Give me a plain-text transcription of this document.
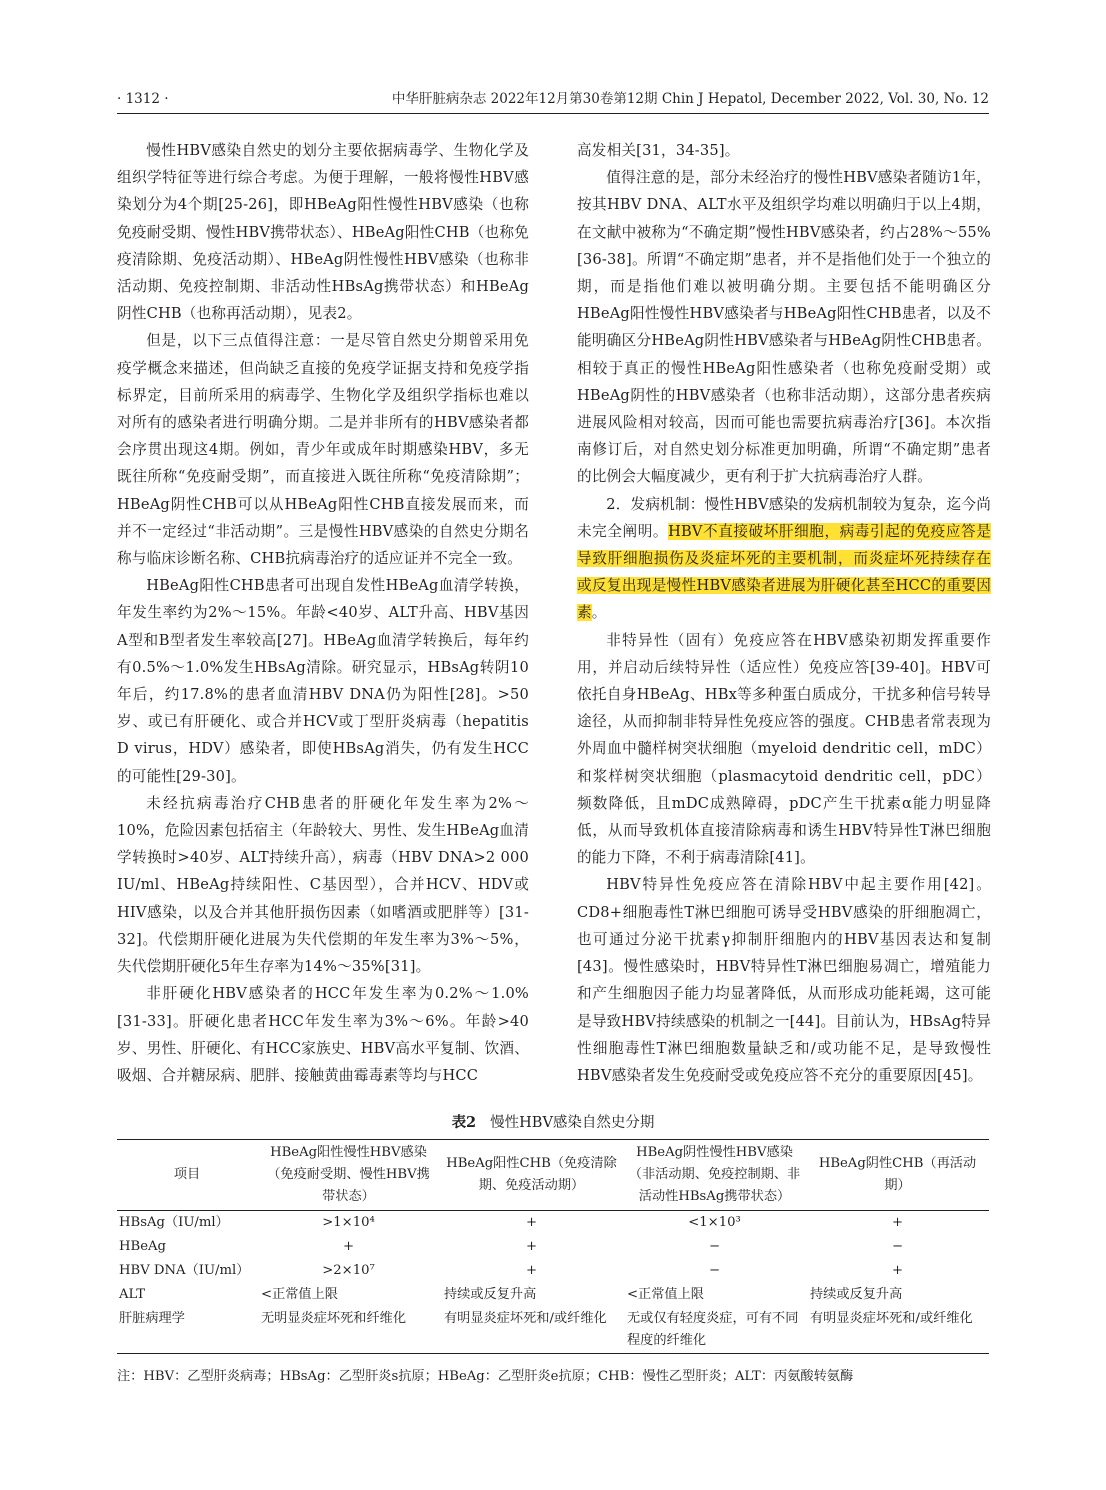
· 1312 ·	中华肝脏病杂志 2022年12月第30卷第12期 Chin J Hepatol, December 2022, Vol. 30, No. 12

慢性HBV感染自然史的划分主要依据病毒学、生物化学及组织学特征等进行综合考虑。为便于理解，一般将慢性HBV感染划分为4个期[25-26]，即HBeAg阳性慢性HBV感染（也称免疫耐受期、慢性HBV携带状态）、HBeAg阳性CHB（也称免疫清除期、免疫活动期）、HBeAg阴性慢性HBV感染（也称非活动期、免疫控制期、非活动性HBsAg携带状态）和HBeAg阴性CHB（也称再活动期），见表2。

但是，以下三点值得注意：一是尽管自然史分期曾采用免疫学概念来描述，但尚缺乏直接的免疫学证据支持和免疫学指标界定，目前所采用的病毒学、生物化学及组织学指标也难以对所有的感染者进行明确分期。二是并非所有的HBV感染者都会序贯出现这4期。例如，青少年或成年时期感染HBV，多无既往所称“免疫耐受期”，而直接进入既往所称“免疫清除期”；HBeAg阴性CHB可以从HBeAg阳性CHB直接发展而来，而并不一定经过“非活动期”。三是慢性HBV感染的自然史分期名称与临床诊断名称、CHB抗病毒治疗的适应证并不完全一致。

HBeAg阳性CHB患者可出现自发性HBeAg血清学转换，年发生率约为2%～15%。年龄<40岁、ALT升高、HBV基因A型和B型者发生率较高[27]。HBeAg血清学转换后，每年约有0.5%～1.0%发生HBsAg清除。研究显示，HBsAg转阴10年后，约17.8%的患者血清HBV DNA仍为阳性[28]。>50岁、或已有肝硬化、或合并HCV或丁型肝炎病毒（hepatitis D virus，HDV）感染者，即使HBsAg消失，仍有发生HCC的可能性[29-30]。

未经抗病毒治疗CHB患者的肝硬化年发生率为2%～10%，危险因素包括宿主（年龄较大、男性、发生HBeAg血清学转换时>40岁、ALT持续升高），病毒（HBV DNA>2 000 IU/ml、HBeAg持续阳性、C基因型），合并HCV、HDV或HIV感染，以及合并其他肝损伤因素（如嗜酒或肥胖等）[31-32]。代偿期肝硬化进展为失代偿期的年发生率为3%～5%，失代偿期肝硬化5年生存率为14%～35%[31]。

非肝硬化HBV感染者的HCC年发生率为0.2%～1.0%[31-33]。肝硬化患者HCC年发生率为3%～6%。年龄>40岁、男性、肝硬化、有HCC家族史、HBV高水平复制、饮酒、吸烟、合并糖尿病、肥胖、接触黄曲霉毒素等均与HCC

高发相关[31，34-35]。

值得注意的是，部分未经治疗的慢性HBV感染者随访1年，按其HBV DNA、ALT水平及组织学均难以明确归于以上4期，在文献中被称为“不确定期”慢性HBV感染者，约占28%～55%[36-38]。所谓“不确定期”患者，并不是指他们处于一个独立的期，而是指他们难以被明确分期。主要包括不能明确区分HBeAg阳性慢性HBV感染者与HBeAg阳性CHB患者，以及不能明确区分HBeAg阴性HBV感染者与HBeAg阴性CHB患者。相较于真正的慢性HBeAg阳性感染者（也称免疫耐受期）或HBeAg阴性的HBV感染者（也称非活动期），这部分患者疾病进展风险相对较高，因而可能也需要抗病毒治疗[36]。本次指南修订后，对自然史划分标准更加明确，所谓“不确定期”患者的比例会大幅度减少，更有利于扩大抗病毒治疗人群。

2．发病机制：慢性HBV感染的发病机制较为复杂，迄今尚未完全阐明。HBV不直接破坏肝细胞，病毒引起的免疫应答是导致肝细胞损伤及炎症坏死的主要机制，而炎症坏死持续存在或反复出现是慢性HBV感染者进展为肝硬化甚至HCC的重要因素。

非特异性（固有）免疫应答在HBV感染初期发挥重要作用，并启动后续特异性（适应性）免疫应答[39-40]。HBV可依托自身HBeAg、HBx等多种蛋白质成分，干扰多种信号转导途径，从而抑制非特异性免疫应答的强度。CHB患者常表现为外周血中髓样树突状细胞（myeloid dendritic cell，mDC）和浆样树突状细胞（plasmacytoid dendritic cell，pDC）频数降低，且mDC成熟障碍，pDC产生干扰素α能力明显降低，从而导致机体直接清除病毒和诱生HBV特异性T淋巴细胞的能力下降，不利于病毒清除[41]。

HBV特异性免疫应答在清除HBV中起主要作用[42]。CD8+细胞毒性T淋巴细胞可诱导受HBV感染的肝细胞凋亡，也可通过分泌干扰素γ抑制肝细胞内的HBV基因表达和复制[43]。慢性感染时，HBV特异性T淋巴细胞易凋亡，增殖能力和产生细胞因子能力均显著降低，从而形成功能耗竭，这可能是导致HBV持续感染的机制之一[44]。目前认为，HBsAg特异性细胞毒性T淋巴细胞数量缺乏和/或功能不足，是导致慢性HBV感染者发生免疫耐受或免疫应答不充分的重要原因[45]。

表2 慢性HBV感染自然史分期
项目	HBeAg阳性慢性HBV感染（免疫耐受期、慢性HBV携带状态）	HBeAg阳性CHB（免疫清除期、免疫活动期）	HBeAg阴性慢性HBV感染（非活动期、免疫控制期、非活动性HBsAg携带状态）	HBeAg阴性CHB（再活动期）
HBsAg（IU/ml）	>1×10⁴	+	<1×10³	+
HBeAg	+	+	−	−
HBV DNA（IU/ml）	>2×10⁷	+	−	+
ALT	<正常值上限	持续或反复升高	<正常值上限	持续或反复升高
肝脏病理学	无明显炎症坏死和纤维化	有明显炎症坏死和/或纤维化	无或仅有轻度炎症，可有不同程度的纤维化	有明显炎症坏死和/或纤维化
注：HBV：乙型肝炎病毒；HBsAg：乙型肝炎s抗原；HBeAg：乙型肝炎e抗原；CHB：慢性乙型肝炎；ALT：丙氨酸转氨酶
